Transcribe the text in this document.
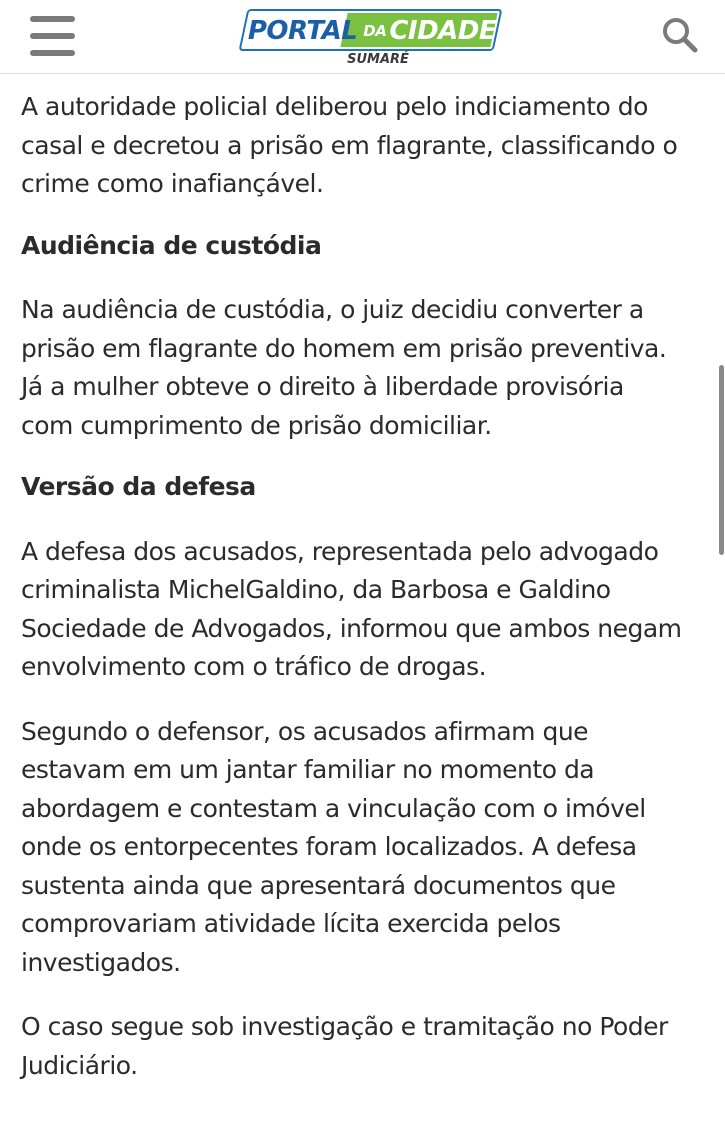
PORTAL DA CIDADE
SUMARÉ

A autoridade policial deliberou pelo indiciamento do
casal e decretou a prisão em flagrante, classificando o
crime como inafiançável.

Audiência de custódia

Na audiência de custódia, o juiz decidiu converter a
prisão em flagrante do homem em prisão preventiva.
Já a mulher obteve o direito à liberdade provisória
com cumprimento de prisão domiciliar.

Versão da defesa

A defesa dos acusados, representada pelo advogado
criminalista MichelGaldino, da Barbosa e Galdino
Sociedade de Advogados, informou que ambos negam
envolvimento com o tráfico de drogas.

Segundo o defensor, os acusados afirmam que
estavam em um jantar familiar no momento da
abordagem e contestam a vinculação com o imóvel
onde os entorpecentes foram localizados. A defesa
sustenta ainda que apresentará documentos que
comprovariam atividade lícita exercida pelos
investigados.

O caso segue sob investigação e tramitação no Poder
Judiciário.
